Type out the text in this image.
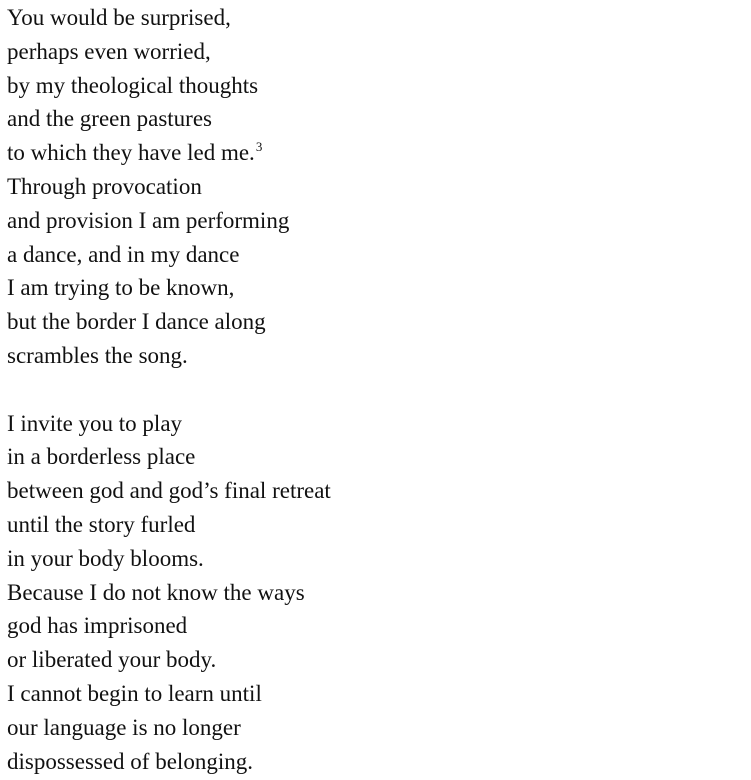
You would be surprised,
perhaps even worried,
by my theological thoughts
and the green pastures
to which they have led me.$^3$
Through provocation
and provision I am performing
a dance, and in my dance
I am trying to be known,
but the border I dance along
scrambles the song.
I invite you to play
in a borderless place
between god and god’s final retreat
until the story furled
in your body blooms.
Because I do not know the ways
god has imprisoned
or liberated your body.
I cannot begin to learn until
our language is no longer
dispossessed of belonging.
